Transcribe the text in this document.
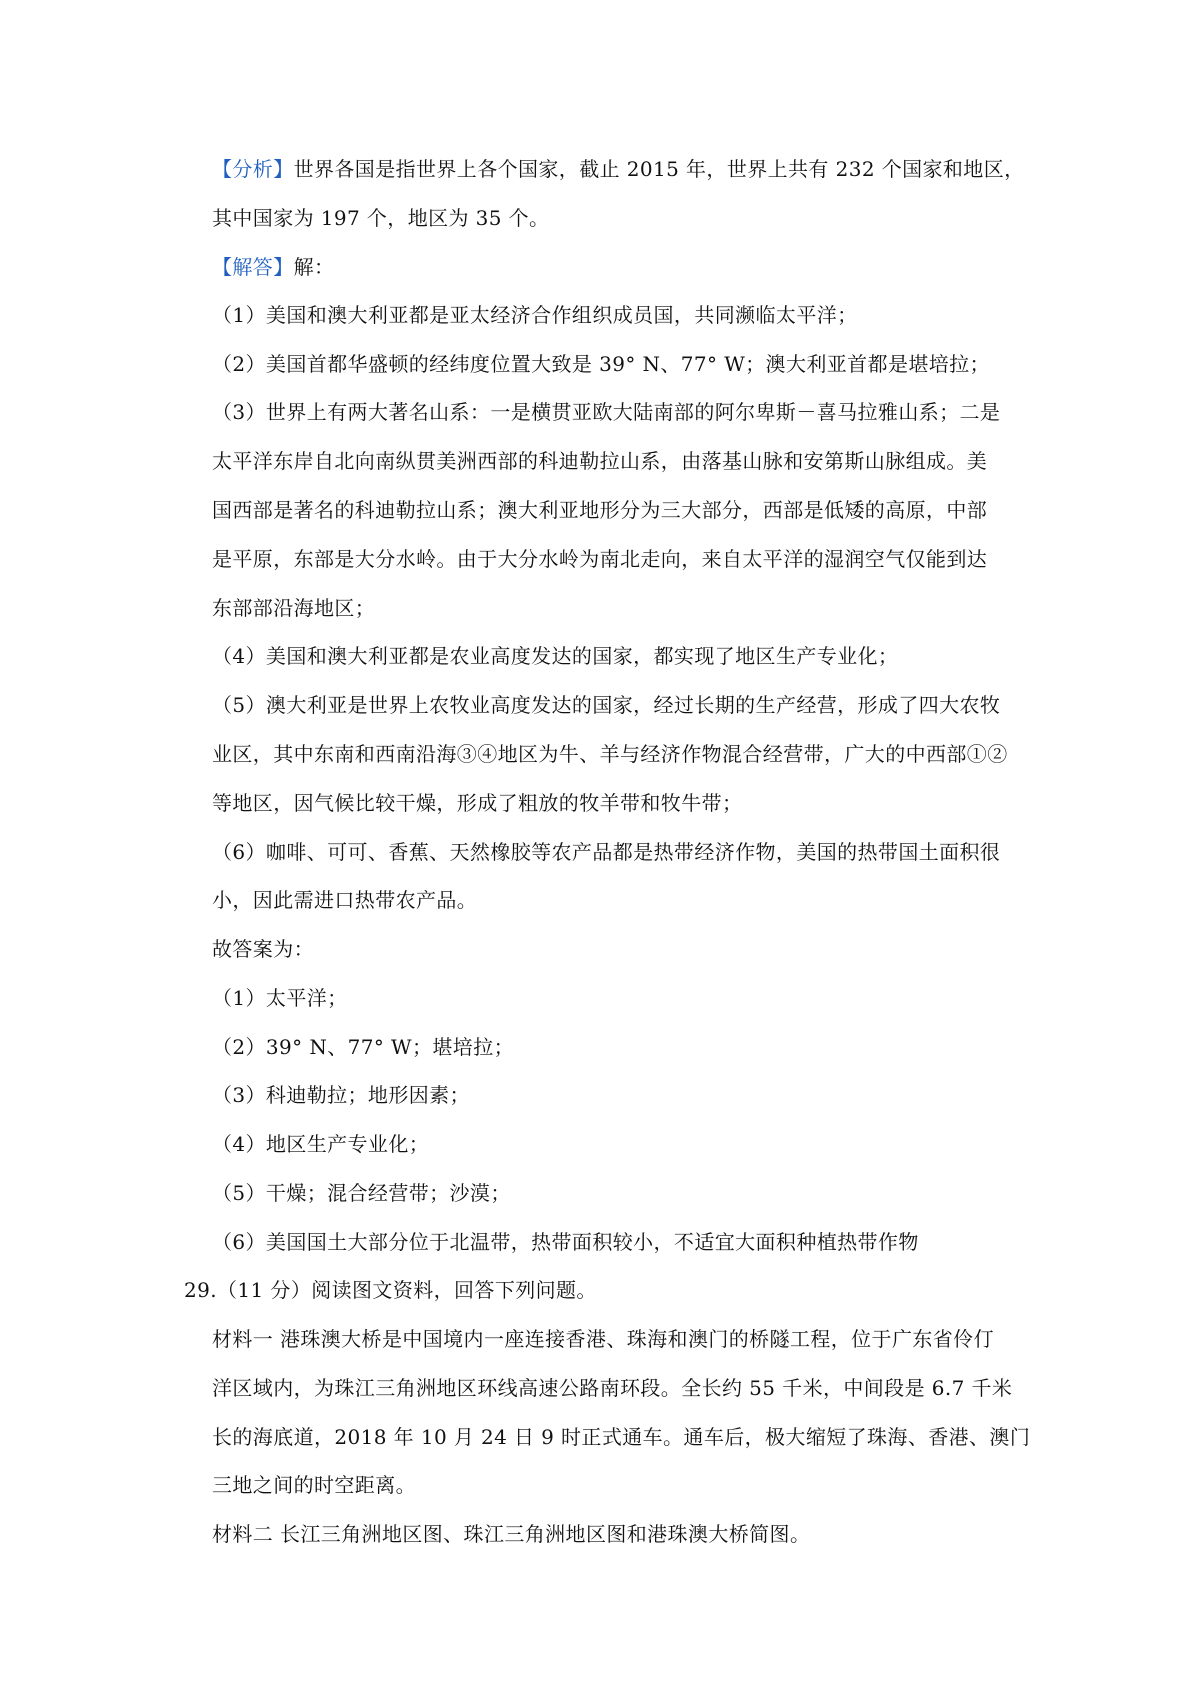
【分析】世界各国是指世界上各个国家，截止 2015 年，世界上共有 232 个国家和地区，
其中国家为 197 个，地区为 35 个。
【解答】解：
（1）美国和澳大利亚都是亚太经济合作组织成员国，共同濒临太平洋；
（2）美国首都华盛顿的经纬度位置大致是 39° N、77° W；澳大利亚首都是堪培拉；
（3）世界上有两大著名山系：一是横贯亚欧大陆南部的阿尔卑斯－喜马拉雅山系；二是
太平洋东岸自北向南纵贯美洲西部的科迪勒拉山系，由落基山脉和安第斯山脉组成。美
国西部是著名的科迪勒拉山系；澳大利亚地形分为三大部分，西部是低矮的高原，中部
是平原，东部是大分水岭。由于大分水岭为南北走向，来自太平洋的湿润空气仅能到达
东部部沿海地区；
（4）美国和澳大利亚都是农业高度发达的国家，都实现了地区生产专业化；
（5）澳大利亚是世界上农牧业高度发达的国家，经过长期的生产经营，形成了四大农牧
业区，其中东南和西南沿海③④地区为牛、羊与经济作物混合经营带，广大的中西部①②
等地区，因气候比较干燥，形成了粗放的牧羊带和牧牛带；
（6）咖啡、可可、香蕉、天然橡胶等农产品都是热带经济作物，美国的热带国土面积很
小，因此需进口热带农产品。
故答案为：
（1）太平洋；
（2）39° N、77° W；堪培拉；
（3）科迪勒拉；地形因素；
（4）地区生产专业化；
（5）干燥；混合经营带；沙漠；
（6）美国国土大部分位于北温带，热带面积较小，不适宜大面积种植热带作物
29.（11 分）阅读图文资料，回答下列问题。
材料一 港珠澳大桥是中国境内一座连接香港、珠海和澳门的桥隧工程，位于广东省伶仃
洋区域内，为珠江三角洲地区环线高速公路南环段。全长约 55 千米，中间段是 6.7 千米
长的海底道，2018 年 10 月 24 日 9 时正式通车。通车后，极大缩短了珠海、香港、澳门
三地之间的时空距离。
材料二 长江三角洲地区图、珠江三角洲地区图和港珠澳大桥简图。
